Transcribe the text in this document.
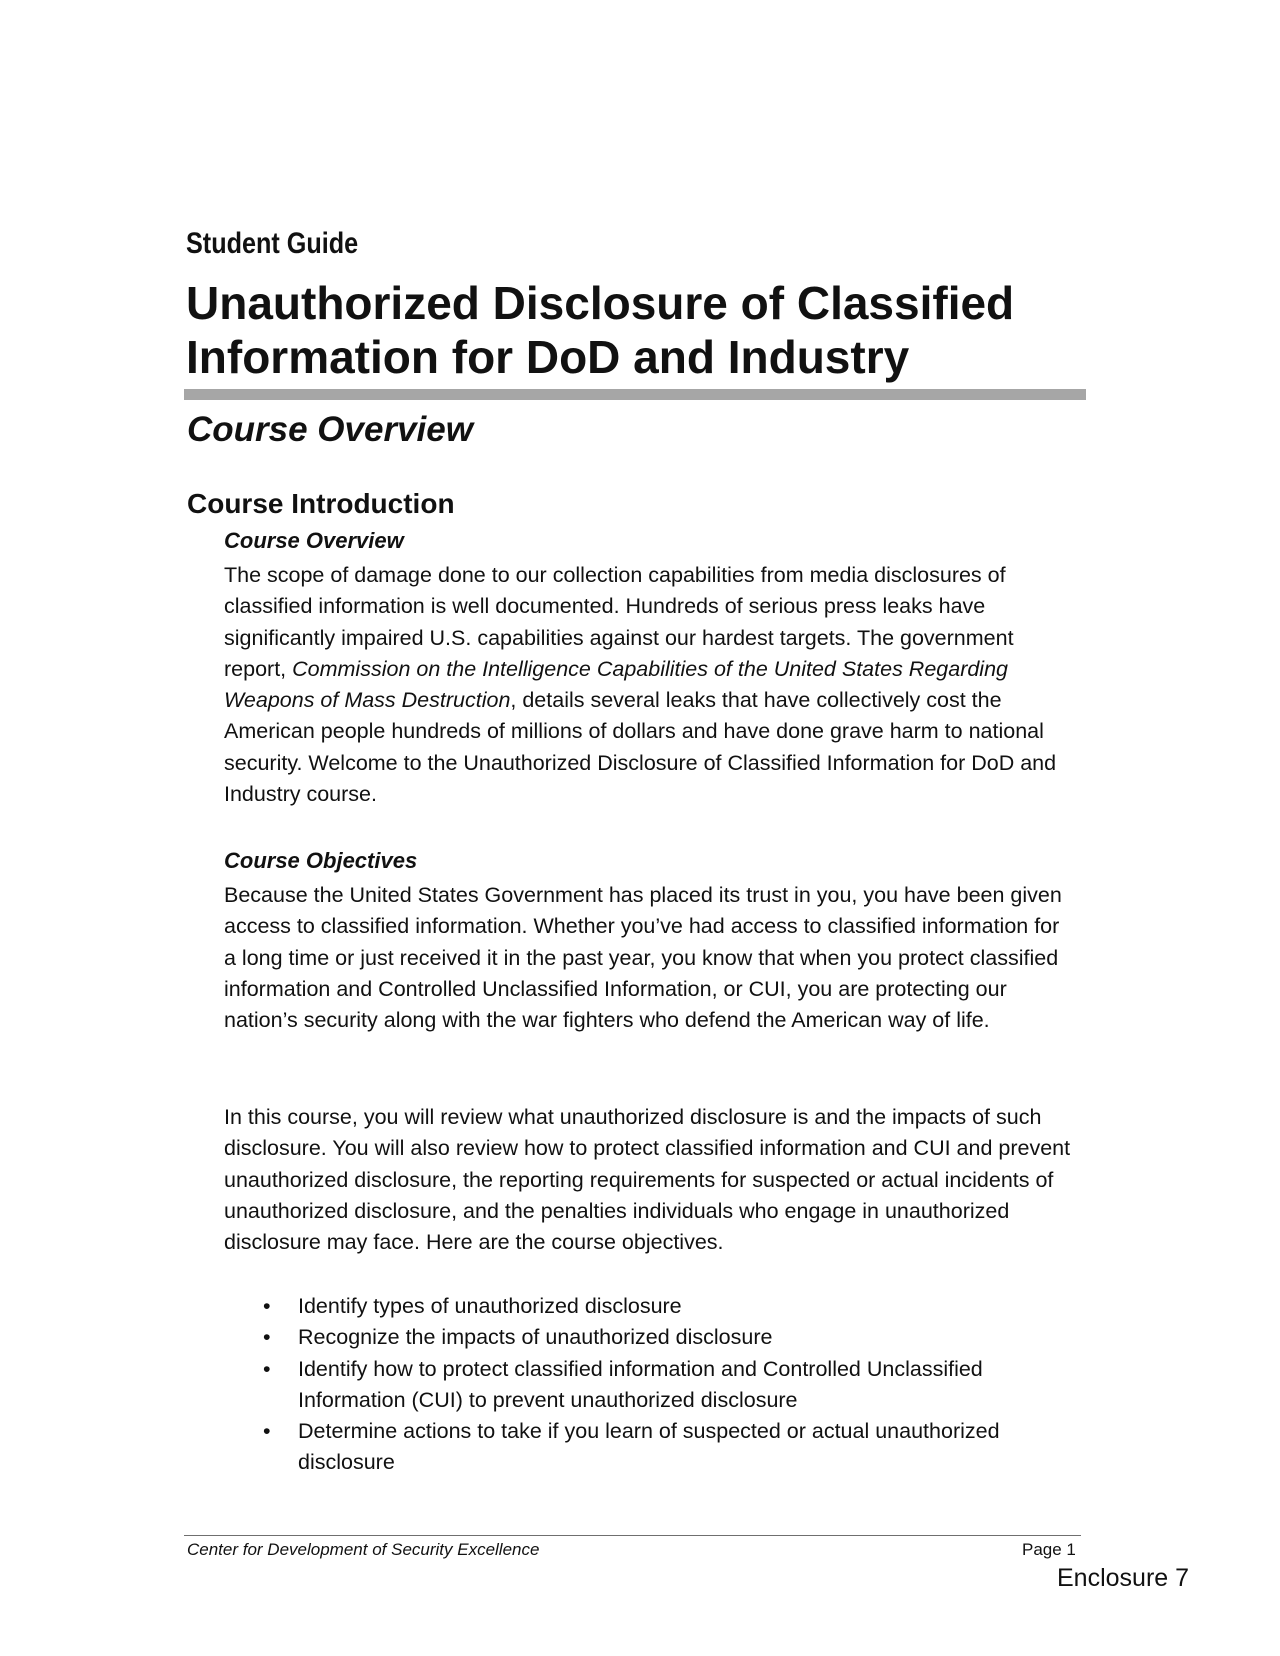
Student Guide
Unauthorized Disclosure of Classified Information for DoD and Industry
Course Overview
Course Introduction
Course Overview

The scope of damage done to our collection capabilities from media disclosures of classified information is well documented. Hundreds of serious press leaks have significantly impaired U.S. capabilities against our hardest targets. The government report, Commission on the Intelligence Capabilities of the United States Regarding Weapons of Mass Destruction, details several leaks that have collectively cost the American people hundreds of millions of dollars and have done grave harm to national security. Welcome to the Unauthorized Disclosure of Classified Information for DoD and Industry course.

Course Objectives

Because the United States Government has placed its trust in you, you have been given access to classified information. Whether you’ve had access to classified information for a long time or just received it in the past year, you know that when you protect classified information and Controlled Unclassified Information, or CUI, you are protecting our nation’s security along with the war fighters who defend the American way of life.

In this course, you will review what unauthorized disclosure is and the impacts of such disclosure. You will also review how to protect classified information and CUI and prevent unauthorized disclosure, the reporting requirements for suspected or actual incidents of unauthorized disclosure, and the penalties individuals who engage in unauthorized disclosure may face. Here are the course objectives.

• Identify types of unauthorized disclosure
• Recognize the impacts of unauthorized disclosure
• Identify how to protect classified information and Controlled Unclassified Information (CUI) to prevent unauthorized disclosure
• Determine actions to take if you learn of suspected or actual unauthorized disclosure
Center for Development of Security Excellence	Page 1
Enclosure 7
